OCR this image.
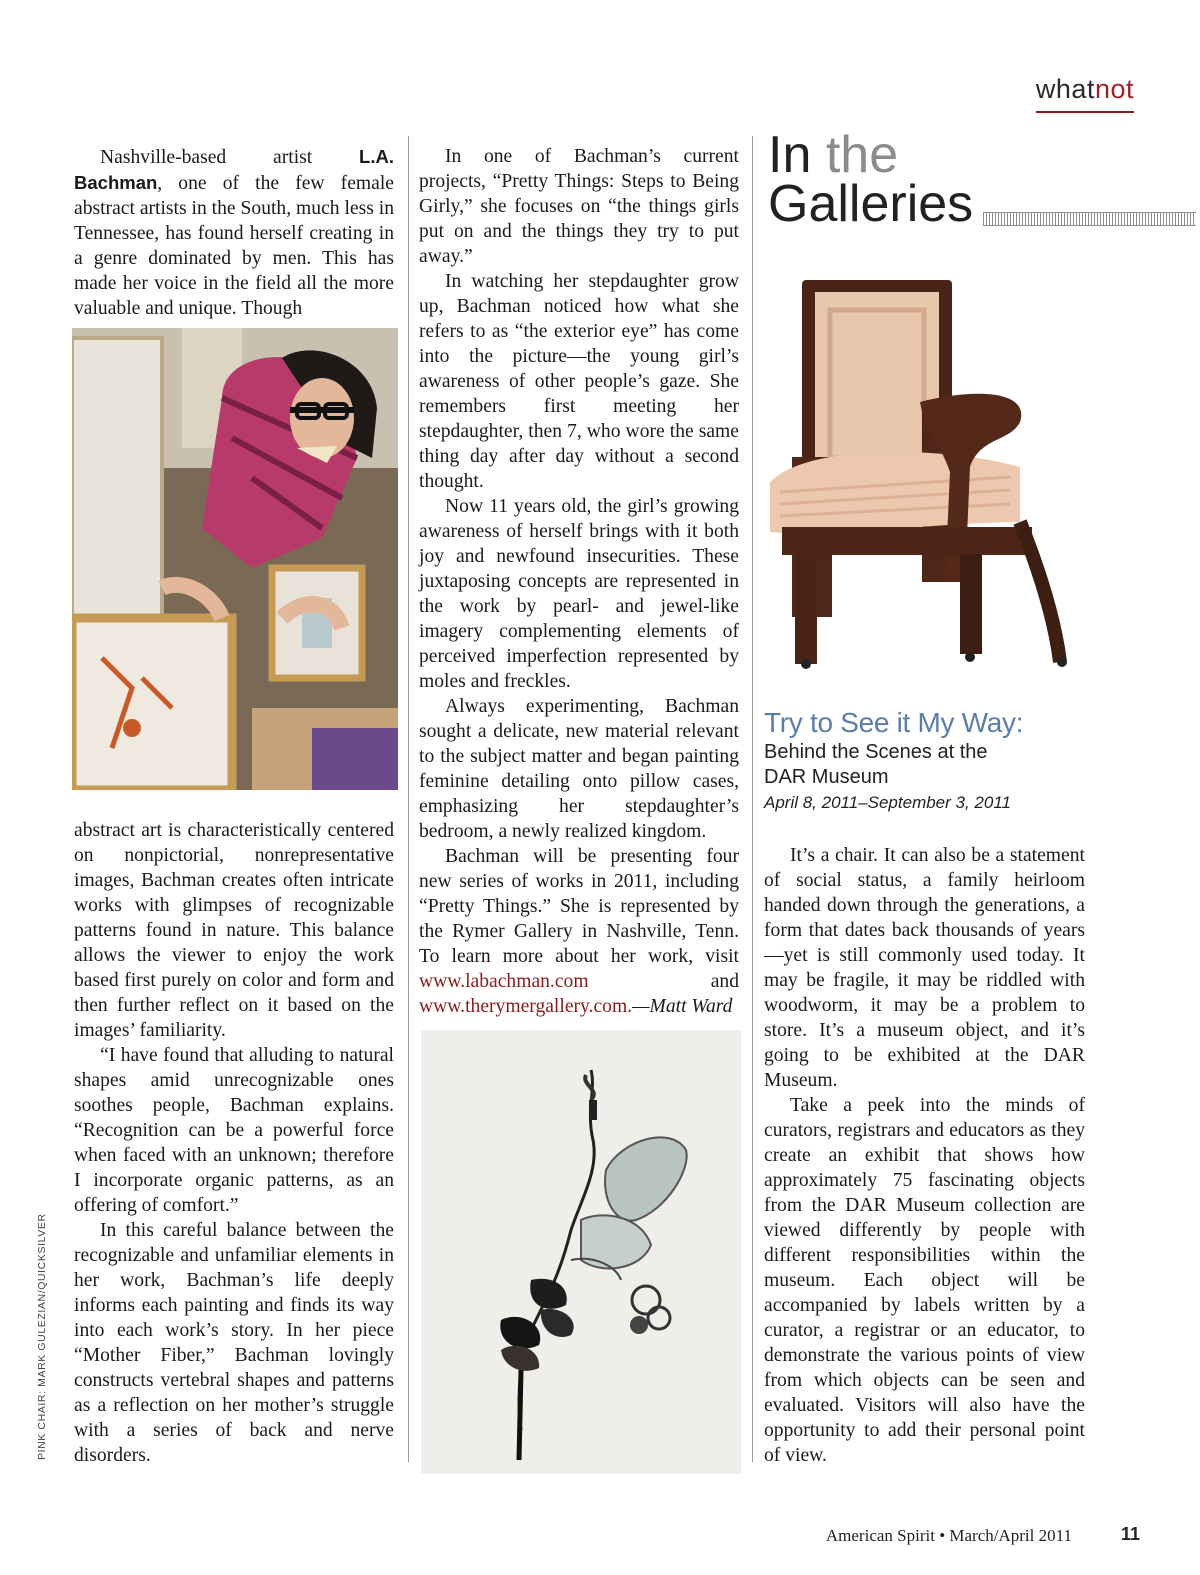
whatnot

Nashville-based artist L.A. Bachman, one of the few female abstract artists in the South, much less in Tennessee, has found herself creating in a genre dominated by men. This has made her voice in the field all the more valuable and unique. Though

abstract art is characteristically centered on nonpictorial, nonrepresentative images, Bachman creates often intricate works with glimpses of recognizable patterns found in nature. This balance allows the viewer to enjoy the work based first purely on color and form and then further reflect on it based on the images’ familiarity.

“I have found that alluding to natural shapes amid unrecognizable ones soothes people, Bachman explains. “Recognition can be a powerful force when faced with an unknown; therefore I incorporate organic patterns, as an offering of comfort.”

In this careful balance between the recognizable and unfamiliar elements in her work, Bachman’s life deeply informs each painting and finds its way into each work’s story. In her piece “Mother Fiber,” Bachman lovingly constructs vertebral shapes and patterns as a reflection on her mother’s struggle with a series of back and nerve disorders.

In one of Bachman’s current projects, “Pretty Things: Steps to Being Girly,” she focuses on “the things girls put on and the things they try to put away.”

In watching her stepdaughter grow up, Bachman noticed how what she refers to as “the exterior eye” has come into the picture—the young girl’s awareness of other people’s gaze. She remembers first meeting her stepdaughter, then 7, who wore the same thing day after day without a second thought.

Now 11 years old, the girl’s growing awareness of herself brings with it both joy and newfound insecurities. These juxtaposing concepts are represented in the work by pearl- and jewel-like imagery complementing elements of perceived imperfection represented by moles and freckles.

Always experimenting, Bachman sought a delicate, new material relevant to the subject matter and began painting feminine detailing onto pillow cases, emphasizing her stepdaughter’s bedroom, a newly realized kingdom.

Bachman will be presenting four new series of works in 2011, including “Pretty Things.” She is represented by the Rymer Gallery in Nashville, Tenn. To learn more about her work, visit www.labachman.com and www.therymergallery.com.—Matt Ward

In the
Galleries
Try to See it My Way:
Behind the Scenes at the
DAR Museum
April 8, 2011–September 3, 2011

It’s a chair. It can also be a statement of social status, a family heirloom handed down through the generations, a form that dates back thousands of years—yet is still commonly used today. It may be fragile, it may be riddled with woodworm, it may be a problem to store. It’s a museum object, and it’s going to be exhibited at the DAR Museum.

Take a peek into the minds of curators, registrars and educators as they create an exhibit that shows how approximately 75 fascinating objects from the DAR Museum collection are viewed differently by people with different responsibilities within the museum. Each object will be accompanied by labels written by a curator, a registrar or an educator, to demonstrate the various points of view from which objects can be seen and evaluated. Visitors will also have the opportunity to add their personal point of view.

PINK CHAIR: MARK GULEZIAN/QUICKSILVER
American Spirit • March/April 2011	11
